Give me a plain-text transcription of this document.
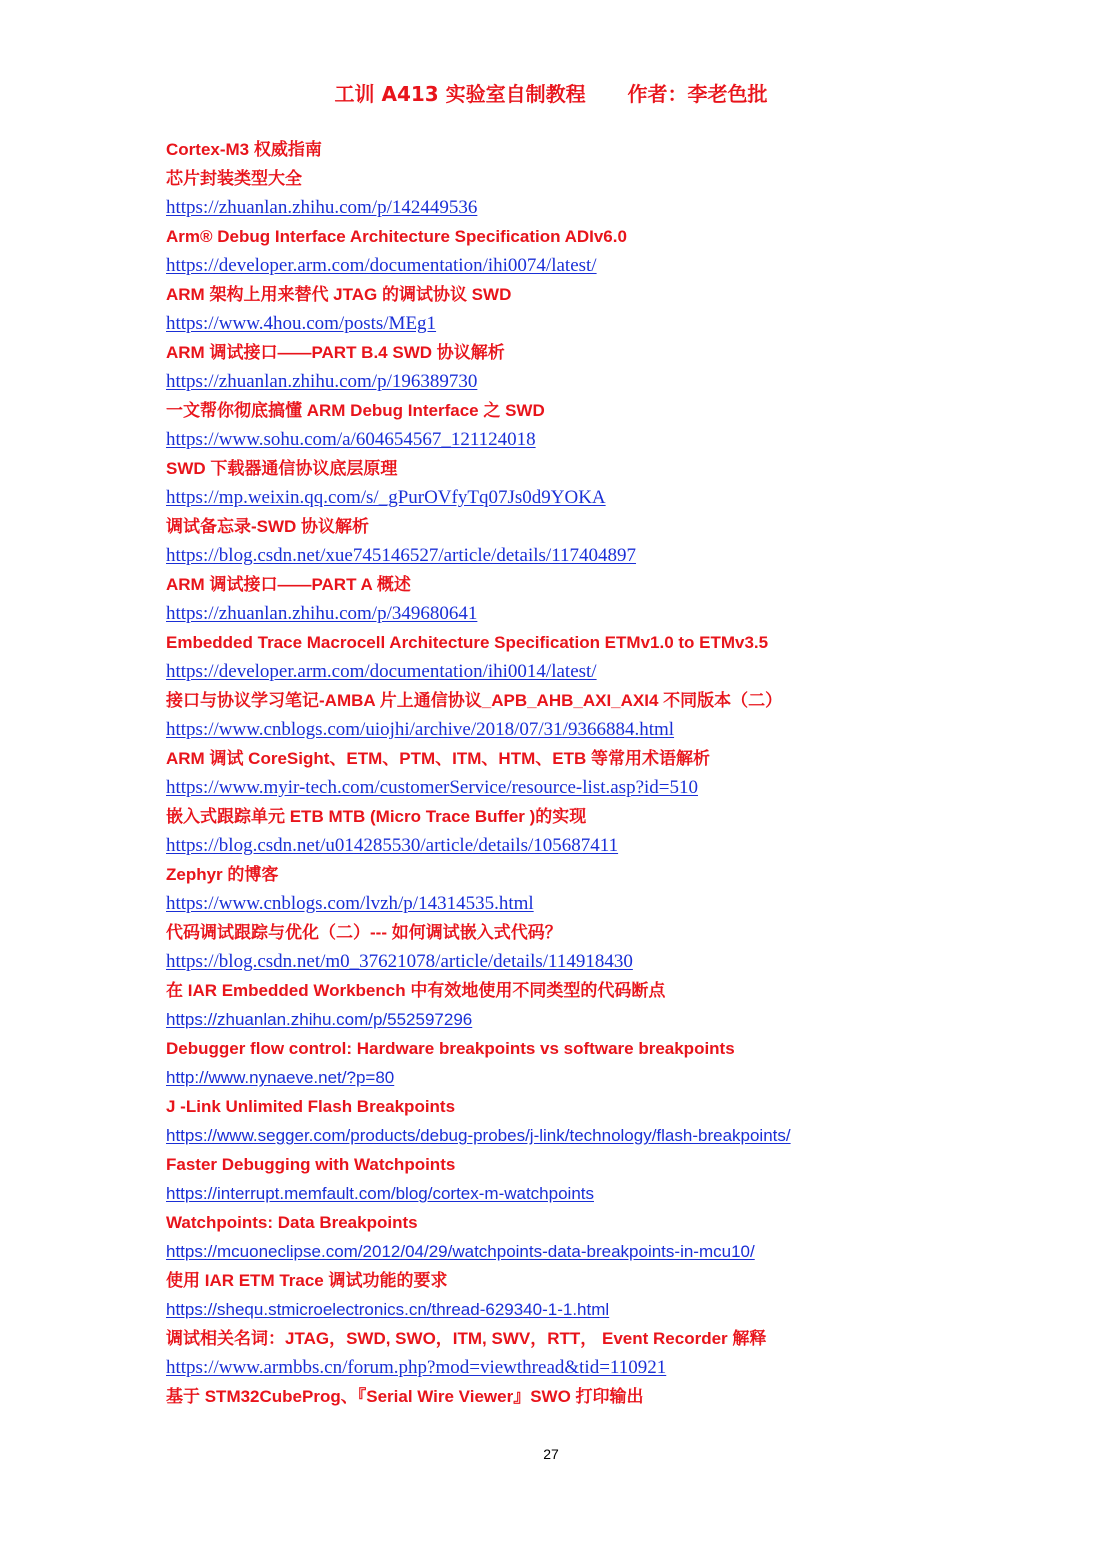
工训 A413 实验室自制教程      作者：李老色批
Cortex-M3 权威指南
芯片封装类型大全
https://zhuanlan.zhihu.com/p/142449536
Arm® Debug Interface Architecture Specification ADIv6.0
https://developer.arm.com/documentation/ihi0074/latest/
ARM 架构上用来替代 JTAG 的调试协议 SWD
https://www.4hou.com/posts/MEg1
ARM 调试接口——PART B.4 SWD 协议解析
https://zhuanlan.zhihu.com/p/196389730
一文帮你彻底搞懂 ARM Debug Interface 之 SWD
https://www.sohu.com/a/604654567_121124018
SWD 下载器通信协议底层原理
https://mp.weixin.qq.com/s/_gPurOVfyTq07Js0d9YOKA
调试备忘录-SWD 协议解析
https://blog.csdn.net/xue745146527/article/details/117404897
ARM 调试接口——PART A 概述
https://zhuanlan.zhihu.com/p/349680641
Embedded Trace Macrocell Architecture Specification ETMv1.0 to ETMv3.5
https://developer.arm.com/documentation/ihi0014/latest/
接口与协议学习笔记-AMBA 片上通信协议_APB_AHB_AXI_AXI4 不同版本（二）
https://www.cnblogs.com/uiojhi/archive/2018/07/31/9366884.html
ARM 调试 CoreSight、ETM、PTM、ITM、HTM、ETB 等常用术语解析
https://www.myir-tech.com/customerService/resource-list.asp?id=510
嵌入式跟踪单元 ETB MTB (Micro Trace Buffer )的实现
https://blog.csdn.net/u014285530/article/details/105687411
Zephyr 的博客
https://www.cnblogs.com/lvzh/p/14314535.html
代码调试跟踪与优化（二）--- 如何调试嵌入式代码？
https://blog.csdn.net/m0_37621078/article/details/114918430
在 IAR Embedded Workbench 中有效地使用不同类型的代码断点
https://zhuanlan.zhihu.com/p/552597296
Debugger flow control: Hardware breakpoints vs software breakpoints
http://www.nynaeve.net/?p=80
J -Link Unlimited Flash Breakpoints
https://www.segger.com/products/debug-probes/j-link/technology/flash-breakpoints/
Faster Debugging with Watchpoints
https://interrupt.memfault.com/blog/cortex-m-watchpoints
Watchpoints: Data Breakpoints
https://mcuoneclipse.com/2012/04/29/watchpoints-data-breakpoints-in-mcu10/
使用 IAR ETM Trace 调试功能的要求
https://shequ.stmicroelectronics.cn/thread-629340-1-1.html
调试相关名词：JTAG，SWD, SWO，ITM, SWV，RTT， Event Recorder 解释
https://www.armbbs.cn/forum.php?mod=viewthread&tid=110921
基于 STM32CubeProg、『Serial Wire Viewer』SWO 打印输出
27
